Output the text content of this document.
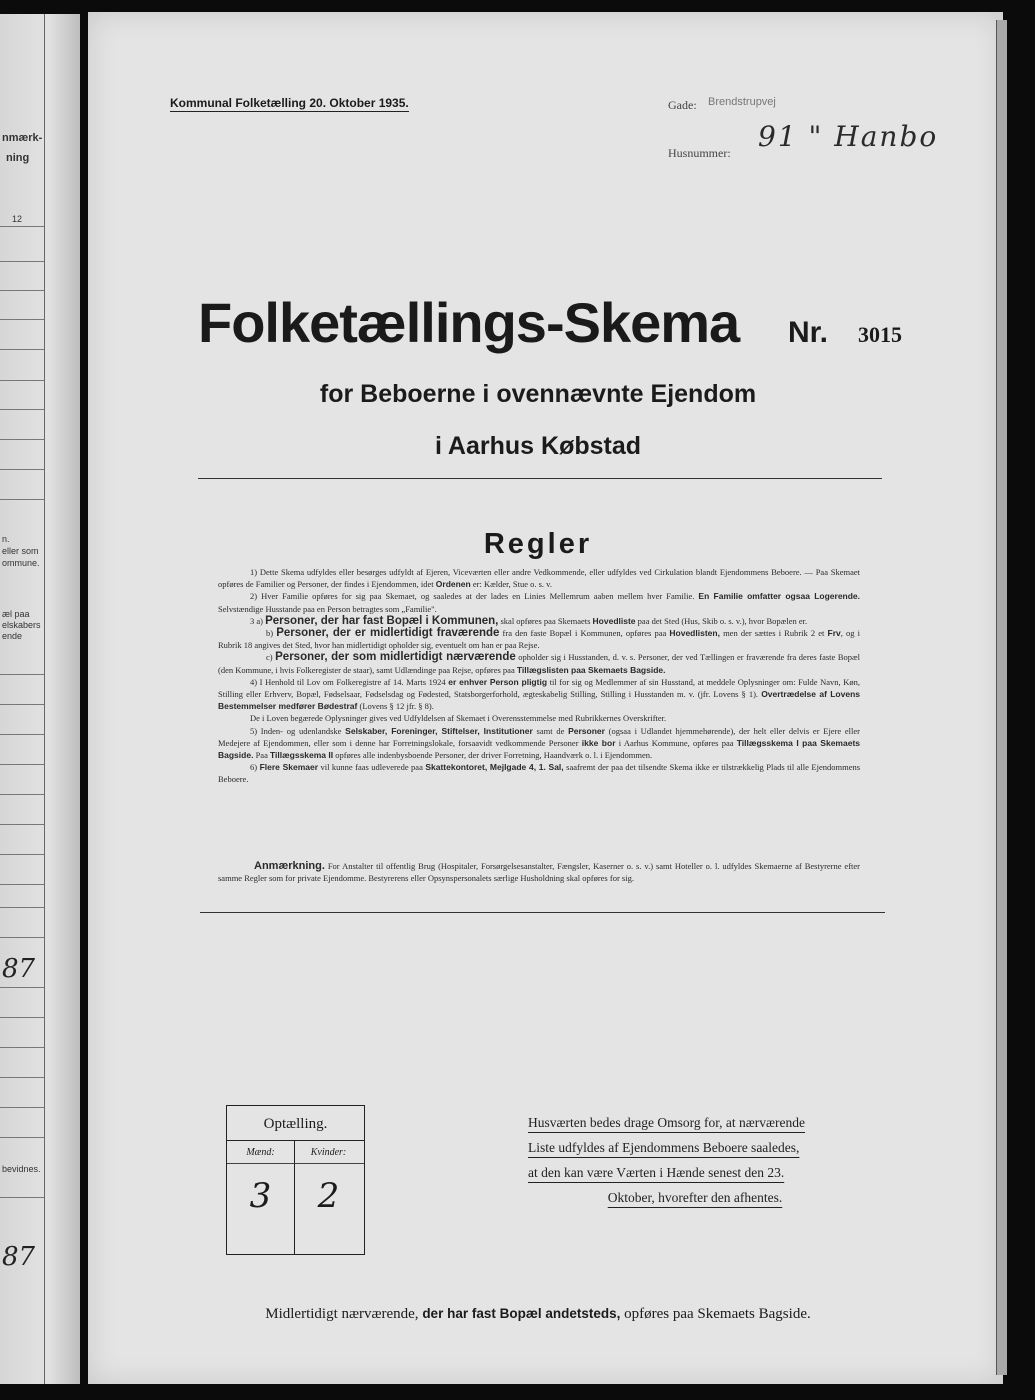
nmærk-
ning
12
n.
eller som
ommune.
æl paa
elskabers
ende
87
bevidnes.
87
Kommunal Folketælling 20. Oktober 1935.	Gade: Brendstrupvej
Husnummer: 91 " Hanbo
Folketællings-Skema Nr. 3015
for Beboerne i ovennævnte Ejendom
i Aarhus Købstad
Regler

1) Dette Skema udfyldes eller besørges udfyldt af Ejeren, Viceværten eller andre Vedkommende, eller udfyldes ved Cirkulation blandt Ejendommens Beboere. — Paa Skemaet opføres de Familier og Personer, der findes i Ejendommen, idet Ordenen er: Kælder, Stue o. s. v.

2) Hver Familie opføres for sig paa Skemaet, og saaledes at der lades en Linies Mellemrum aaben mellem hver Familie. En Familie omfatter ogsaa Logerende. Selvstændige Husstande paa en Person betragtes som „Familie".

3 a) Personer, der har fast Bopæl i Kommunen, skal opføres paa Skemaets Hovedliste paa det Sted (Hus, Skib o. s. v.), hvor Bopælen er.

b) Personer, der er midlertidigt fraværende fra den faste Bopæl i Kommunen, opføres paa Hovedlisten, men der sættes i Rubrik 2 et Frv, og i Rubrik 18 angives det Sted, hvor han midlertidigt opholder sig, eventuelt om han er paa Rejse.

c) Personer, der som midlertidigt nærværende opholder sig i Husstanden, d. v. s. Personer, der ved Tællingen er fraværende fra deres faste Bopæl (den Kommune, i hvis Folkeregister de staar), samt Udlændinge paa Rejse, opføres paa Tillægslisten paa Skemaets Bagside.

4) I Henhold til Lov om Folkeregistre af 14. Marts 1924 er enhver Person pligtig til for sig og Medlemmer af sin Husstand, at meddele Oplysninger om: Fulde Navn, Køn, Stilling eller Erhverv, Bopæl, Fødselsaar, Fødselsdag og Fødested, Statsborgerforhold, ægteskabelig Stilling, Stilling i Husstanden m. v. (jfr. Lovens § 1). Overtrædelse af Lovens Bestemmelser medfører Bødestraf (Lovens § 12 jfr. § 8).

De i Loven begærede Oplysninger gives ved Udfyldelsen af Skemaet i Overensstemmelse med Rubrikkernes Overskrifter.

5) Inden- og udenlandske Selskaber, Foreninger, Stiftelser, Institutioner samt de Personer (ogsaa i Udlandet hjemmehørende), der helt eller delvis er Ejere eller Medejere af Ejendommen, eller som i denne har Forretningslokale, forsaavidt vedkommende Personer ikke bor i Aarhus Kommune, opføres paa Tillægsskema I paa Skemaets Bagside. Paa Tillægsskema II opføres alle indenbysboende Personer, der driver Forretning, Haandværk o. l. i Ejendommen.

6) Flere Skemaer vil kunne faas udleverede paa Skattekontoret, Mejlgade 4, 1. Sal, saafremt der paa det tilsendte Skema ikke er tilstrækkelig Plads til alle Ejendommens Beboere.

Anmærkning. For Anstalter til offentlig Brug (Hospitaler, Forsørgelsesanstalter, Fængsler, Kaserner o. s. v.) samt Hoteller o. l. udfyldes Skemaerne af Bestyrerne efter samme Regler som for private Ejendomme. Bestyrerens eller Opsynspersonalets særlige Husholdning skal opføres for sig.

Optælling.
Mænd:	Kvinder:
3	2
Husværten bedes drage Omsorg for, at nærværende
Liste udfyldes af Ejendommens Beboere saaledes,
at den kan være Værten i Hænde senest den 23.
Oktober, hvorefter den afhentes.
Midlertidigt nærværende, der har fast Bopæl andetsteds, opføres paa Skemaets Bagside.
